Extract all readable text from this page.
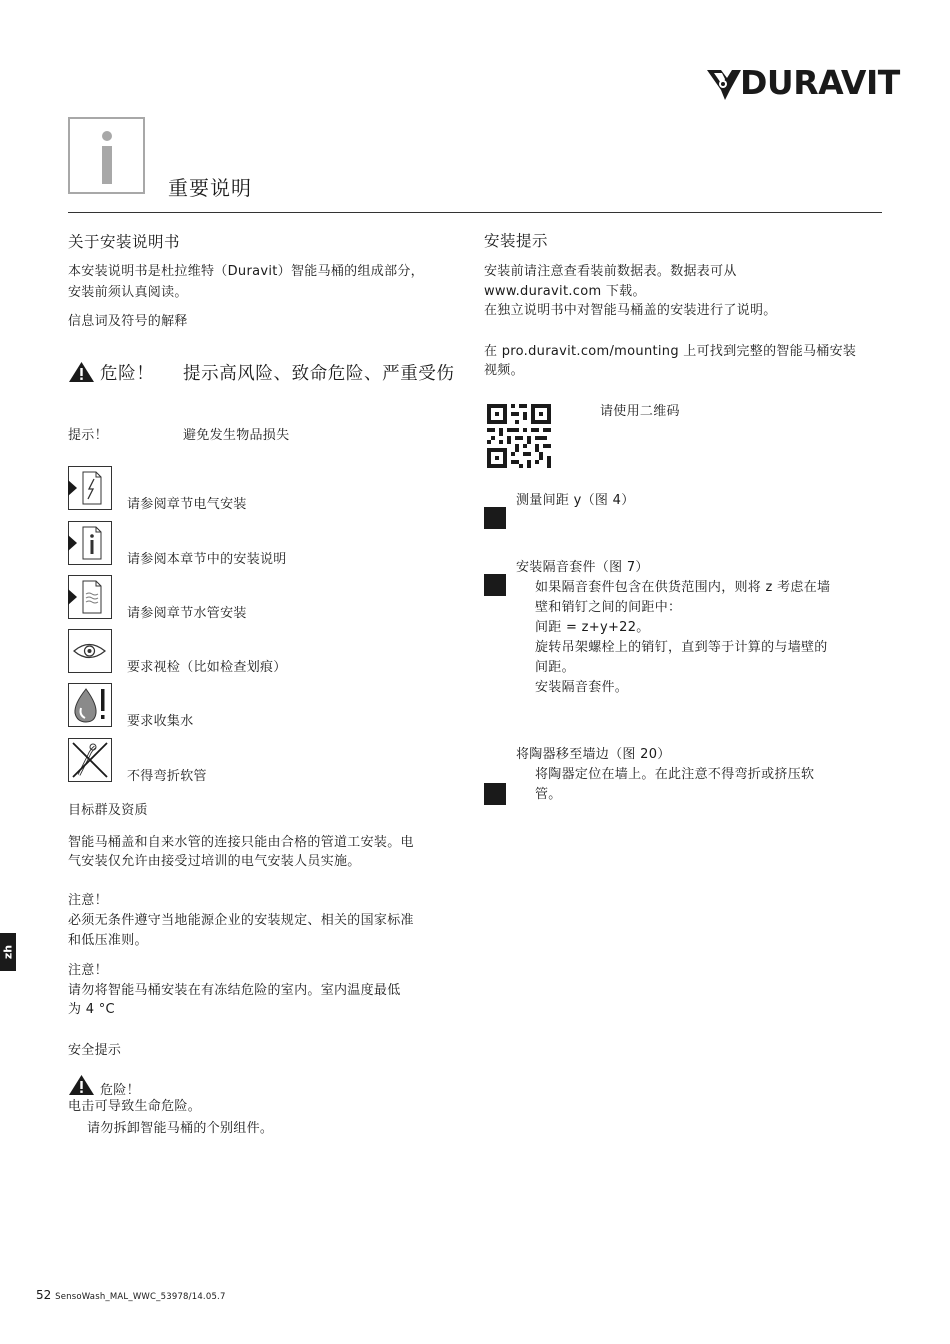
DURAVIT
重要说明
关于安装说明书
本安装说明书是杜拉维特（Duravit）智能马桶的组成部分，
安装前须认真阅读。
信息词及符号的解释
危险！ 提示高风险、致命危险、严重受伤
提示！	避免发生物品损失
请参阅章节电气安装
请参阅本章节中的安装说明
请参阅章节水管安装
要求视检（比如检查划痕）
要求收集水
不得弯折软管
目标群及资质
智能马桶盖和自来水管的连接只能由合格的管道工安装。电
气安装仅允许由接受过培训的电气安装人员实施。
注意！
必须无条件遵守当地能源企业的安装规定、相关的国家标准
和低压准则。
注意！
请勿将智能马桶安装在有冻结危险的室内。室内温度最低
为 4 °C
安全提示
危险！
电击可导致生命危险。
请勿拆卸智能马桶的个别组件。
安装提示
安装前请注意查看装前数据表。数据表可从
www.duravit.com 下载。
在独立说明书中对智能马桶盖的安装进行了说明。
在 pro.duravit.com/mounting 上可找到完整的智能马桶安装
视频。
请使用二维码
测量间距 y（图 4）
安装隔音套件（图 7）
如果隔音套件包含在供货范围内，则将 z 考虑在墙
壁和销钉之间的间距中：
间距 = z+y+22。
旋转吊架螺栓上的销钉，直到等于计算的与墙壁的
间距。
安装隔音套件。
将陶器移至墙边（图 20）
将陶器定位在墙上。在此注意不得弯折或挤压软
管。
zh
52 SensoWash_MAL_WWC_53978/14.05.7
